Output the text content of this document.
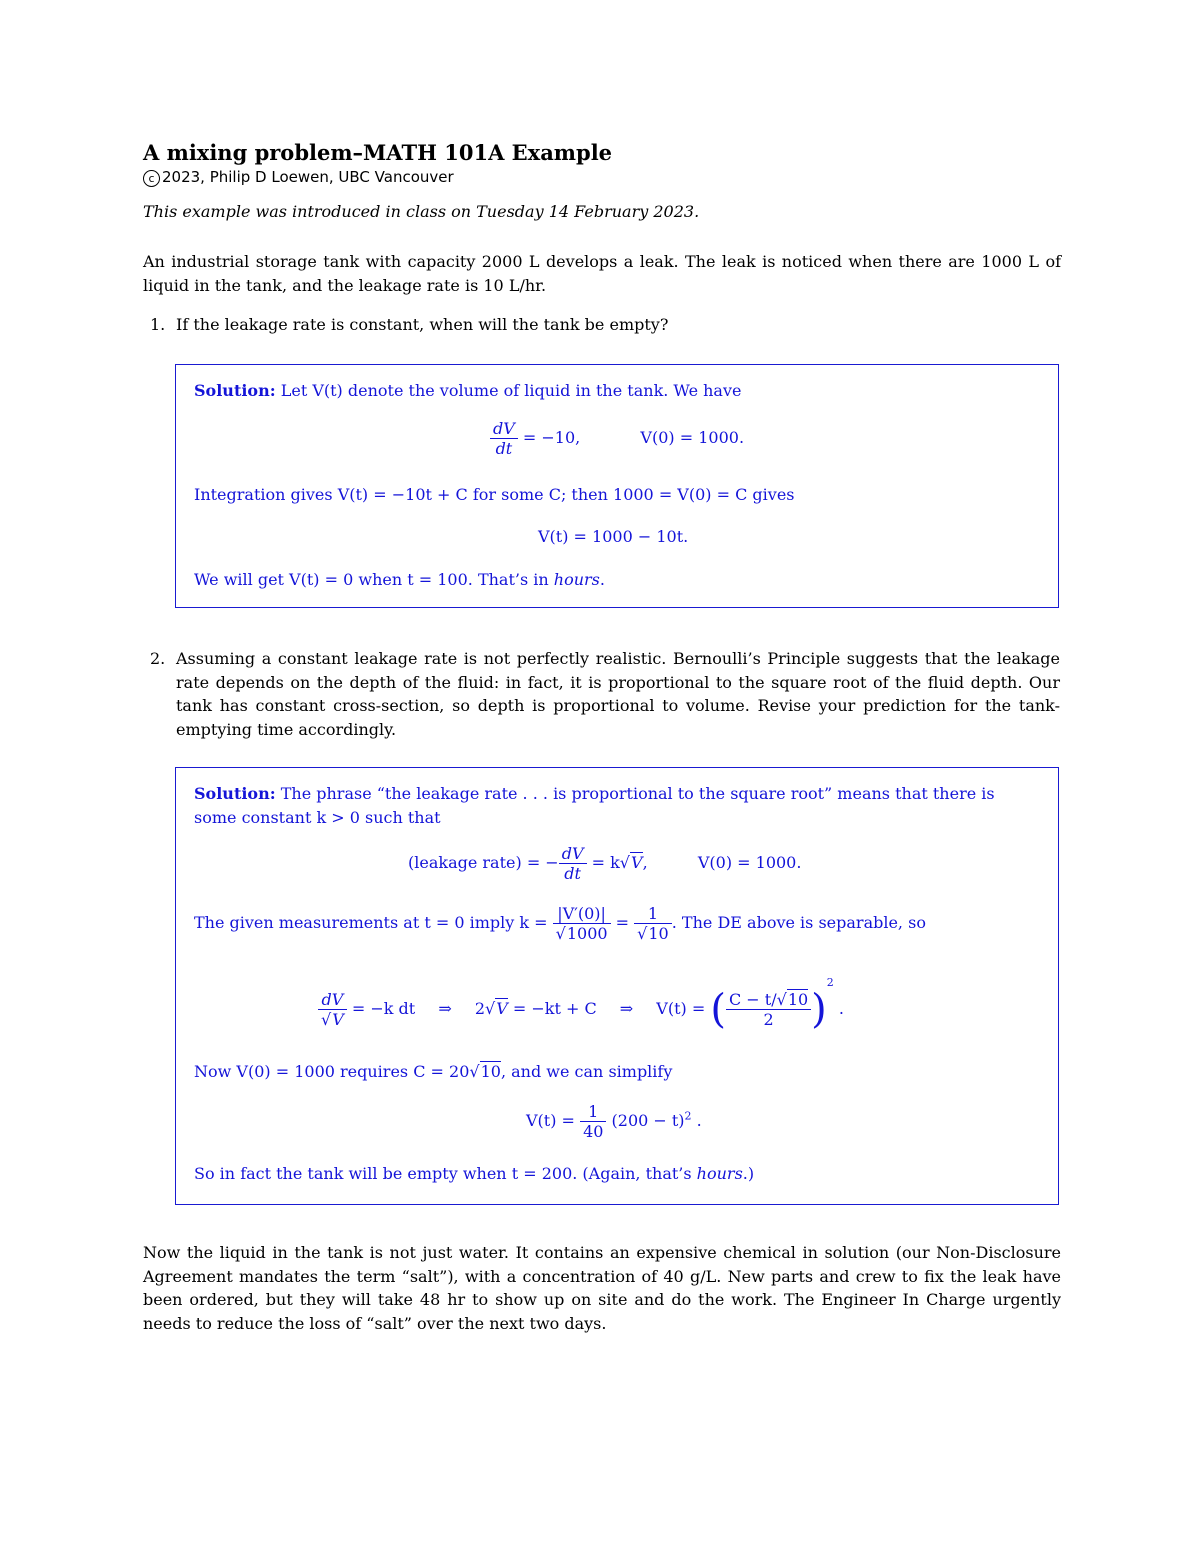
A mixing problem–MATH 101A Example
c 2023, Philip D Loewen, UBC Vancouver
This example was introduced in class on Tuesday 14 February 2023.
An industrial storage tank with capacity 2000 L develops a leak. The leak is noticed when there are 1000 L of liquid in the tank, and the leakage rate is 10 L/hr.
1. If the leakage rate is constant, when will the tank be empty?
Solution: Let V(t) denote the volume of liquid in the tank. We have
$\frac{dV}{dt} = -10$,	V(0) = 1000.
Integration gives V(t) = −10t + C for some C; then 1000 = V(0) = C gives
V(t) = 1000 − 10t.
We will get V(t) = 0 when t = 100. That’s in hours.
2. Assuming a constant leakage rate is not perfectly realistic. Bernoulli’s Principle suggests that the leakage rate depends on the depth of the fluid: in fact, it is proportional to the square root of the fluid depth. Our tank has constant cross-section, so depth is proportional to volume. Revise your prediction for the tank-emptying time accordingly.
Solution: The phrase “the leakage rate . . . is proportional to the square root” means that there is
some constant k > 0 such that
(leakage rate) = − $\frac{dV}{dt} = k√V$,	V(0) = 1000.
The given measurements at t = 0 imply $k = \frac{|V'(0)|}{√1000} = \frac{1}{√10}$ . The DE above is separable, so
$\frac{dV}{√V} = -k$ dt ⇒ 2√V = −kt + C ⇒ V(t) = ( $\frac{C - t/√10}{2} )^2$ .
Now V(0) = 1000 requires C = 20√10, and we can simplify
$V(t) = \frac{1}{40} (200 - t)^2$ .
So in fact the tank will be empty when t = 200. (Again, that’s hours.)
Now the liquid in the tank is not just water. It contains an expensive chemical in solution (our Non-Disclosure Agreement mandates the term “salt”), with a concentration of 40 g/L. New parts and crew to fix the leak have been ordered, but they will take 48 hr to show up on site and do the work. The Engineer In Charge urgently needs to reduce the loss of “salt” over the next two days.
